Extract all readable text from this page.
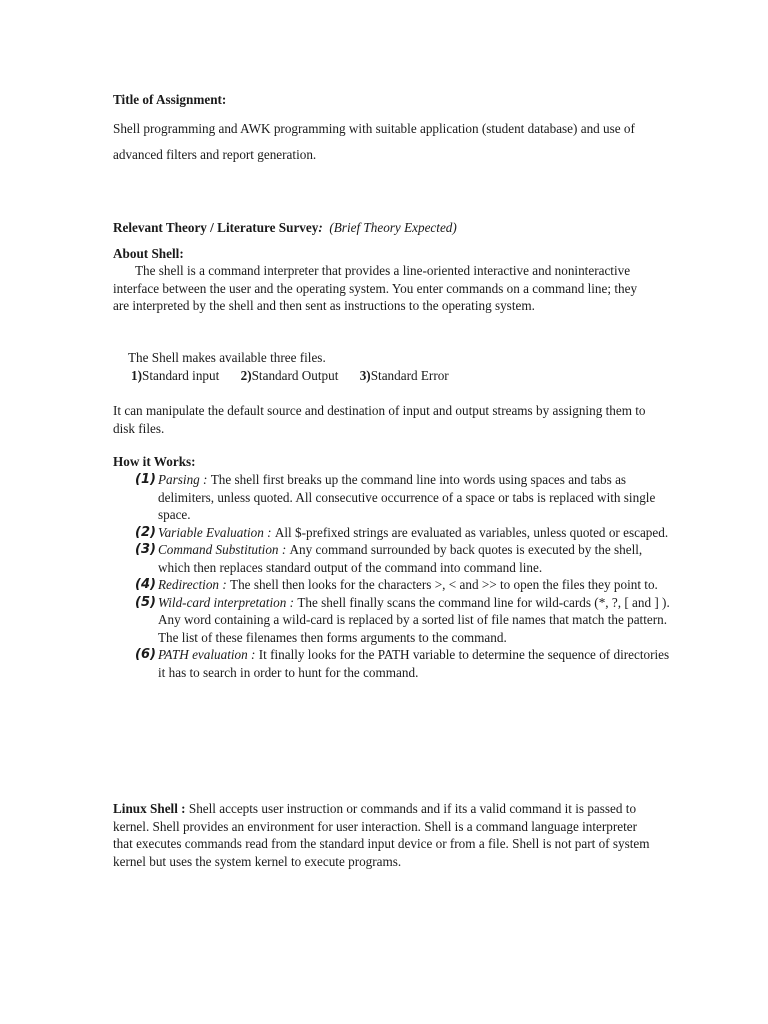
Title of Assignment:
Shell programming and AWK programming with suitable application (student database) and use of advanced filters and report generation.
Relevant Theory / Literature Survey: (Brief Theory Expected)
About Shell:
The shell is a command interpreter that provides a line-oriented interactive and noninteractive interface between the user and the operating system. You enter commands on a command line; they are interpreted by the shell and then sent as instructions to the operating system.
The Shell makes available three files.
1)Standard input 2)Standard Output 3)Standard Error
It can manipulate the default source and destination of input and output streams by assigning them to disk files.
How it Works:
(1) Parsing : The shell first breaks up the command line into words using spaces and tabs as delimiters, unless quoted. All consecutive occurrence of a space or tabs is replaced with single space.
(2) Variable Evaluation : All $-prefixed strings are evaluated as variables, unless quoted or escaped.
(3) Command Substitution : Any command surrounded by back quotes is executed by the shell, which then replaces standard output of the command into command line.
(4) Redirection : The shell then looks for the characters >, < and >> to open the files they point to.
(5) Wild-card interpretation : The shell finally scans the command line for wild-cards (*, ?, [ and ] ). Any word containing a wild-card is replaced by a sorted list of file names that match the pattern. The list of these filenames then forms arguments to the command.
(6) PATH evaluation : It finally looks for the PATH variable to determine the sequence of directories it has to search in order to hunt for the command.
Linux Shell : Shell accepts user instruction or commands and if its a valid command it is passed to kernel. Shell provides an environment for user interaction. Shell is a command language interpreter that executes commands read from the standard input device or from a file. Shell is not part of system kernel but uses the system kernel to execute programs.
